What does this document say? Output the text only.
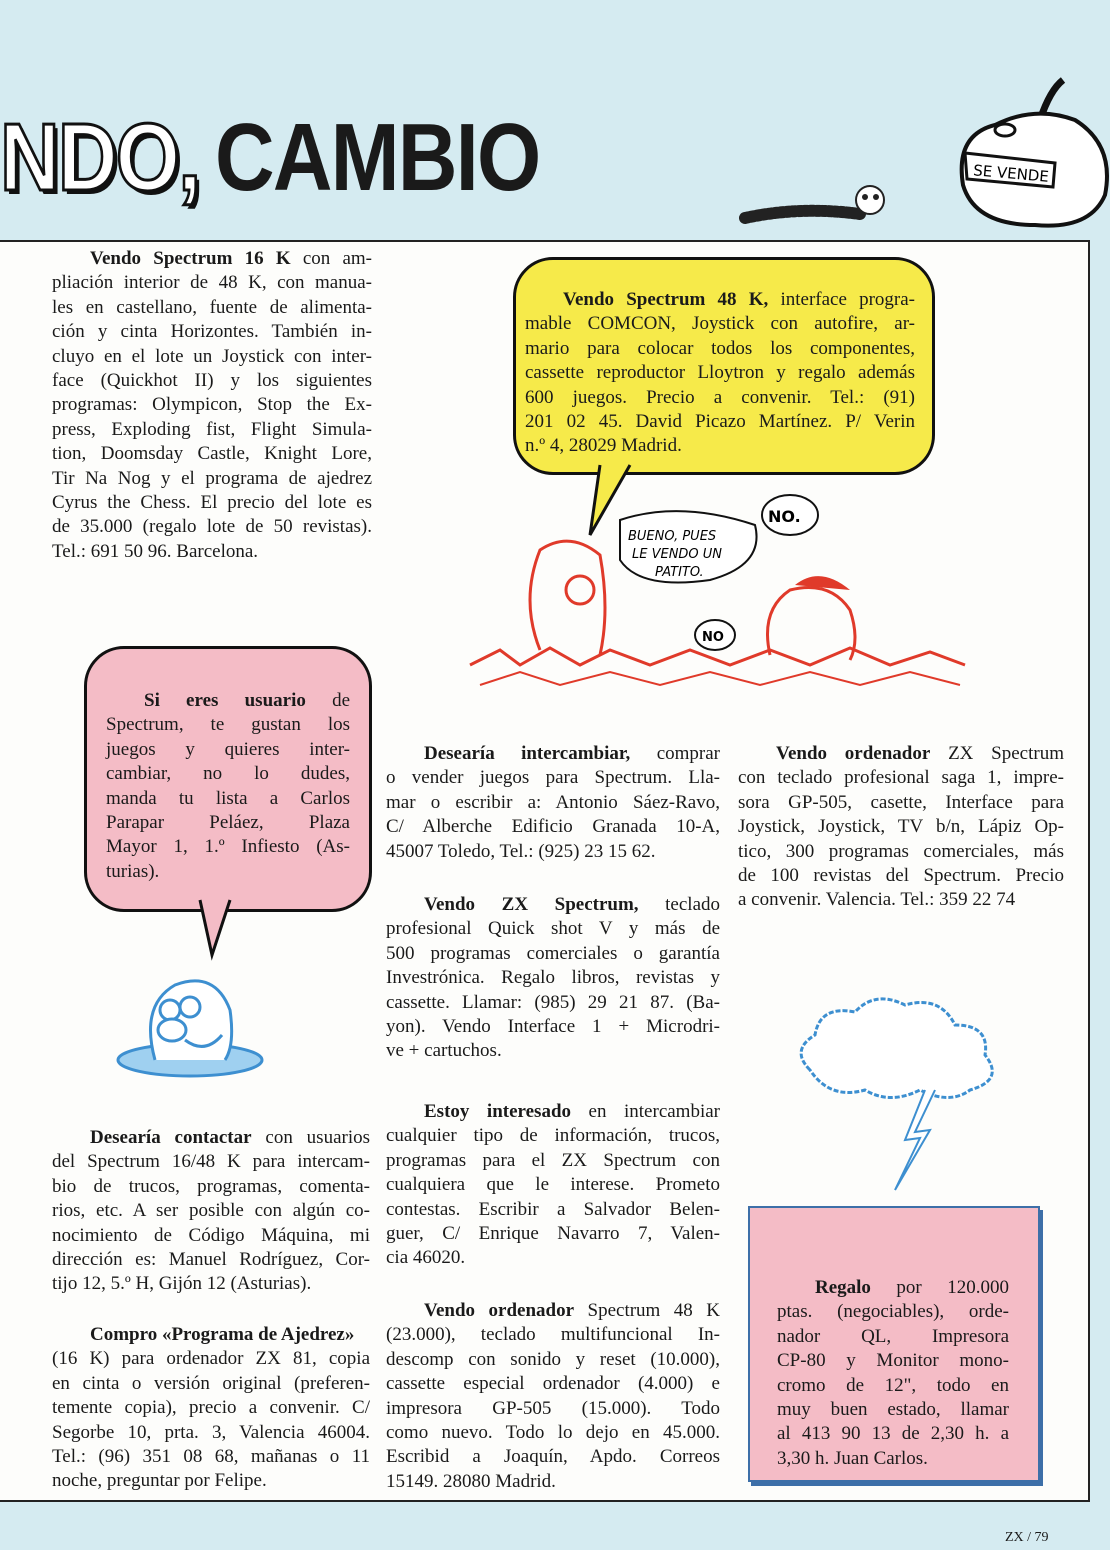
NDO, CAMBIO	SE VENDE
Vendo Spectrum 16 K con am-
pliación interior de 48 K, con manua-
les en castellano, fuente de alimenta-
ción y cinta Horizontes. También in-
cluyo en el lote un Joystick con inter-
face (Quickhot II) y los siguientes
programas: Olympicon, Stop the Ex-
press, Exploding fist, Flight Simula-
tion, Doomsday Castle, Knight Lore,
Tir Na Nog y el programa de ajedrez
Cyrus the Chess. El precio del lote es
de 35.000 (regalo lote de 50 revistas).
Tel.: 691 50 96. Barcelona.
Vendo Spectrum 48 K, interface progra-
mable COMCON, Joystick con autofire, ar-
mario para colocar todos los componentes,
cassette reproductor Lloytron y regalo además
600 juegos. Precio a convenir. Tel.: (91)
201 02 45. David Picazo Martínez. P/ Verin
n.º 4, 28029 Madrid.
NO.
BUENO, PUES LE VENDO UN PATITO.
NO
Si eres usuario de
Spectrum, te gustan los
juegos y quieres inter-
cambiar, no lo dudes,
manda tu lista a Carlos
Parapar Peláez, Plaza
Mayor 1, 1.º Infiesto (As-
turias).
Desearía intercambiar, comprar
o vender juegos para Spectrum. Lla-
mar o escribir a: Antonio Sáez-Ravo,
C/ Alberche Edificio Granada 10-A,
45007 Toledo, Tel.: (925) 23 15 62.
Vendo ordenador ZX Spectrum
con teclado profesional saga 1, impre-
sora GP-505, casette, Interface para
Joystick, Joystick, TV b/n, Lápiz Op-
tico, 300 programas comerciales, más
de 100 revistas del Spectrum. Precio
a convenir. Valencia. Tel.: 359 22 74
Vendo ZX Spectrum, teclado
profesional Quick shot V y más de
500 programas comerciales o garantía
Investrónica. Regalo libros, revistas y
cassette. Llamar: (985) 29 21 87. (Ba-
yon). Vendo Interface 1 + Microdri-
ve + cartuchos.
Estoy interesado en intercambiar
cualquier tipo de información, trucos,
programas para el ZX Spectrum con
cualquiera que le interese. Prometo
contestas. Escribir a Salvador Belen-
guer, C/ Enrique Navarro 7, Valen-
cia 46020.
Desearía contactar con usuarios
del Spectrum 16/48 K para intercam-
bio de trucos, programas, comenta-
rios, etc. A ser posible con algún co-
nocimiento de Código Máquina, mi
dirección es: Manuel Rodríguez, Cor-
tijo 12, 5.º H, Gijón 12 (Asturias).
Compro «Programa de Ajedrez»
(16 K) para ordenador ZX 81, copia
en cinta o versión original (preferen-
temente copia), precio a convenir. C/
Segorbe 10, prta. 3, Valencia 46004.
Tel.: (96) 351 08 68, mañanas o 11
noche, preguntar por Felipe.
Vendo ordenador Spectrum 48 K
(23.000), teclado multifuncional In-
descomp con sonido y reset (10.000),
cassette especial ordenador (4.000) e
impresora GP-505 (15.000). Todo
como nuevo. Todo lo dejo en 45.000.
Escribid a Joaquín, Apdo. Correos
15149. 28080 Madrid.
Regalo por 120.000
ptas. (negociables), orde-
nador QL, Impresora
CP-80 y Monitor mono-
cromo de 12", todo en
muy buen estado, llamar
al 413 90 13 de 2,30 h. a
3,30 h. Juan Carlos.
ZX / 79
